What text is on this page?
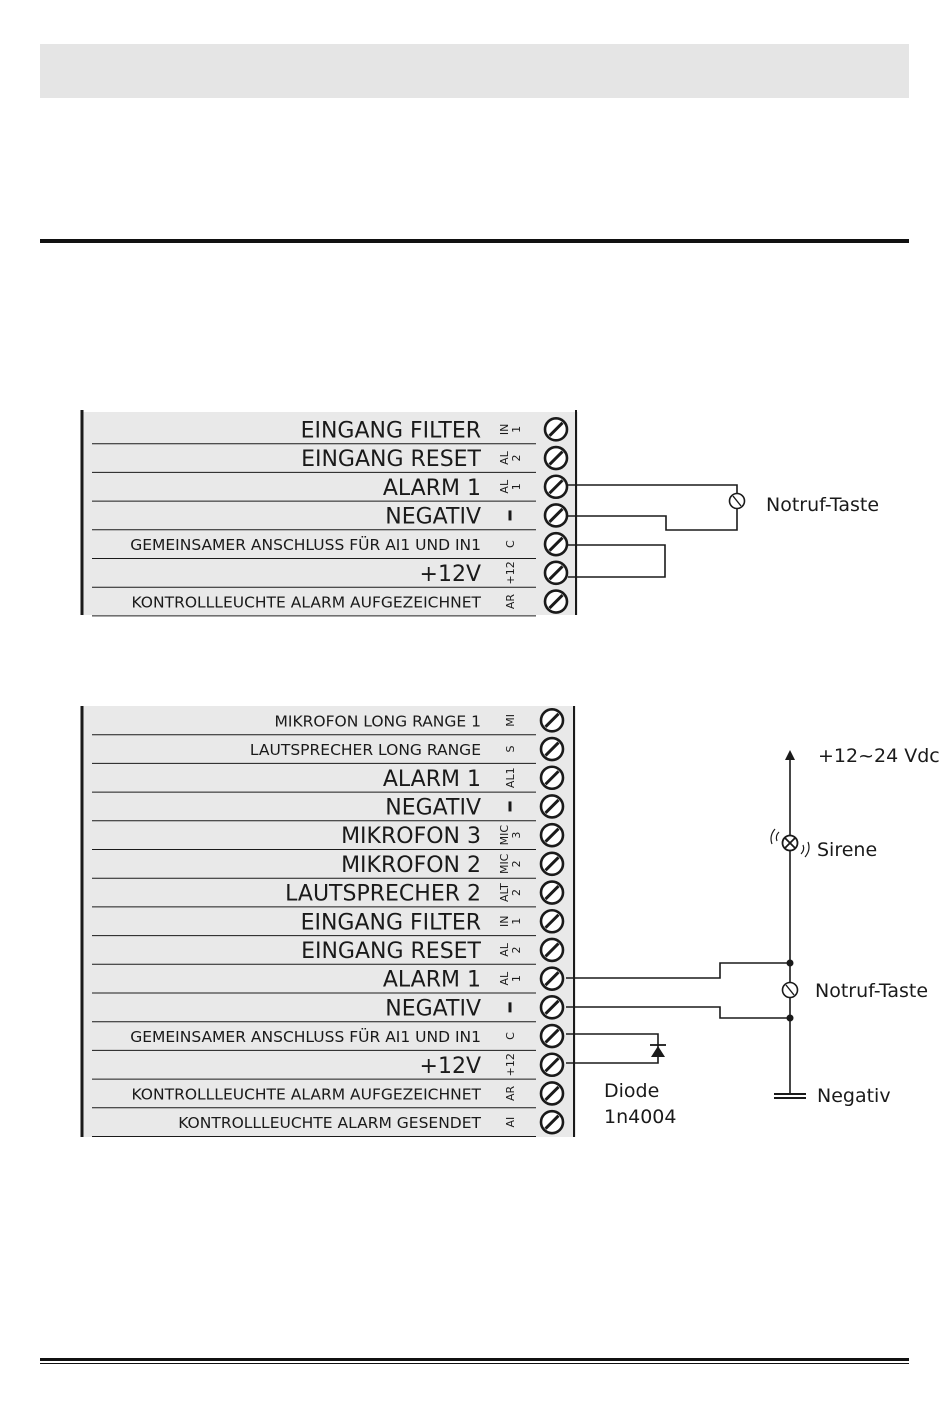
EINGANG FILTER IN 1
EINGANG RESET AL 2
ALARM 1 AL 1
NEGATIV -
GEMEINSAMER ANSCHLUSS FÜR AI1 UND IN1 C
+12V +12
KONTROLLLEUCHTE ALARM AUFGEZEICHNET AR
Notruf-Taste
MIKROFON LONG RANGE 1 MI
LAUTSPRECHER LONG RANGE S
ALARM 1 AL1
NEGATIV -
MIKROFON 3 MIC 3
MIKROFON 2 MIC 2
LAUTSPRECHER 2 ALT 2
EINGANG FILTER IN 1
EINGANG RESET AL 2
ALARM 1 AL 1
NEGATIV -
GEMEINSAMER ANSCHLUSS FÜR AI1 UND IN1 C
+12V +12
KONTROLLLEUCHTE ALARM AUFGEZEICHNET AR
KONTROLLLEUCHTE ALARM GESENDET AI
+12~24 Vdc
Sirene
Notruf-Taste
Negativ
Diode
1n4004
